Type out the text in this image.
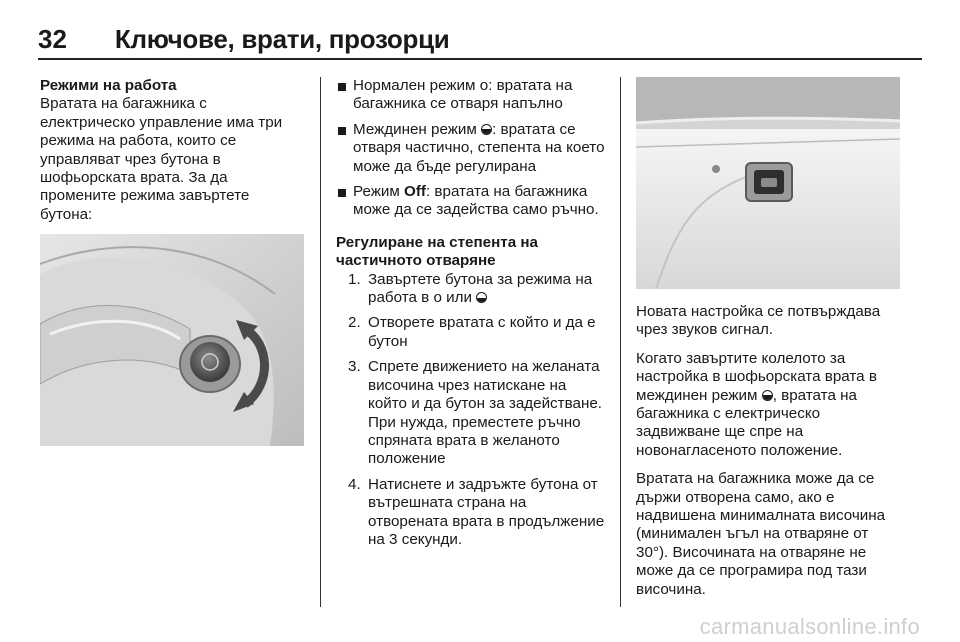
32 Ключове, врати, прозорци
Режими на работа

Вратата на багажника с електрическо управление има три режима на работа, които се управляват чрез бутона в шофьорската врата. За да промените режима завъртете бутона:

Нормален режим о: вратата на багажника се отваря напълно
Междинен режим : вратата се отваря частично, степента на което може да бъде регулирана
Режим Off: вратата на багажника може да се задейства само ръчно.
Регулиране на степента на частичното отваряне
1. Завъртете бутона за режима на работа в о или
2. Отворете вратата с който и да е бутон
3. Спрете движението на желаната височина чрез натискане на който и да бутон за задействане. При нужда, преместете ръчно спряната врата в желаното положение
4. Натиснете и задръжте бутона от вътрешната страна на отворената врата в продължение на 3 секунди.

Новата настройка се потвърждава чрез звуков сигнал.

Когато завъртите колелото за настройка в шофьорската врата в междинен режим , вратата на багажника с електрическо задвижване ще спре на новонагласеното положение.

Вратата на багажника може да се държи отворена само, ако е надвишена минималната височина (минимален ъгъл на отваряне от 30°). Височината на отваряне не може да се програмира под тази височина.

carmanualsonline.info
